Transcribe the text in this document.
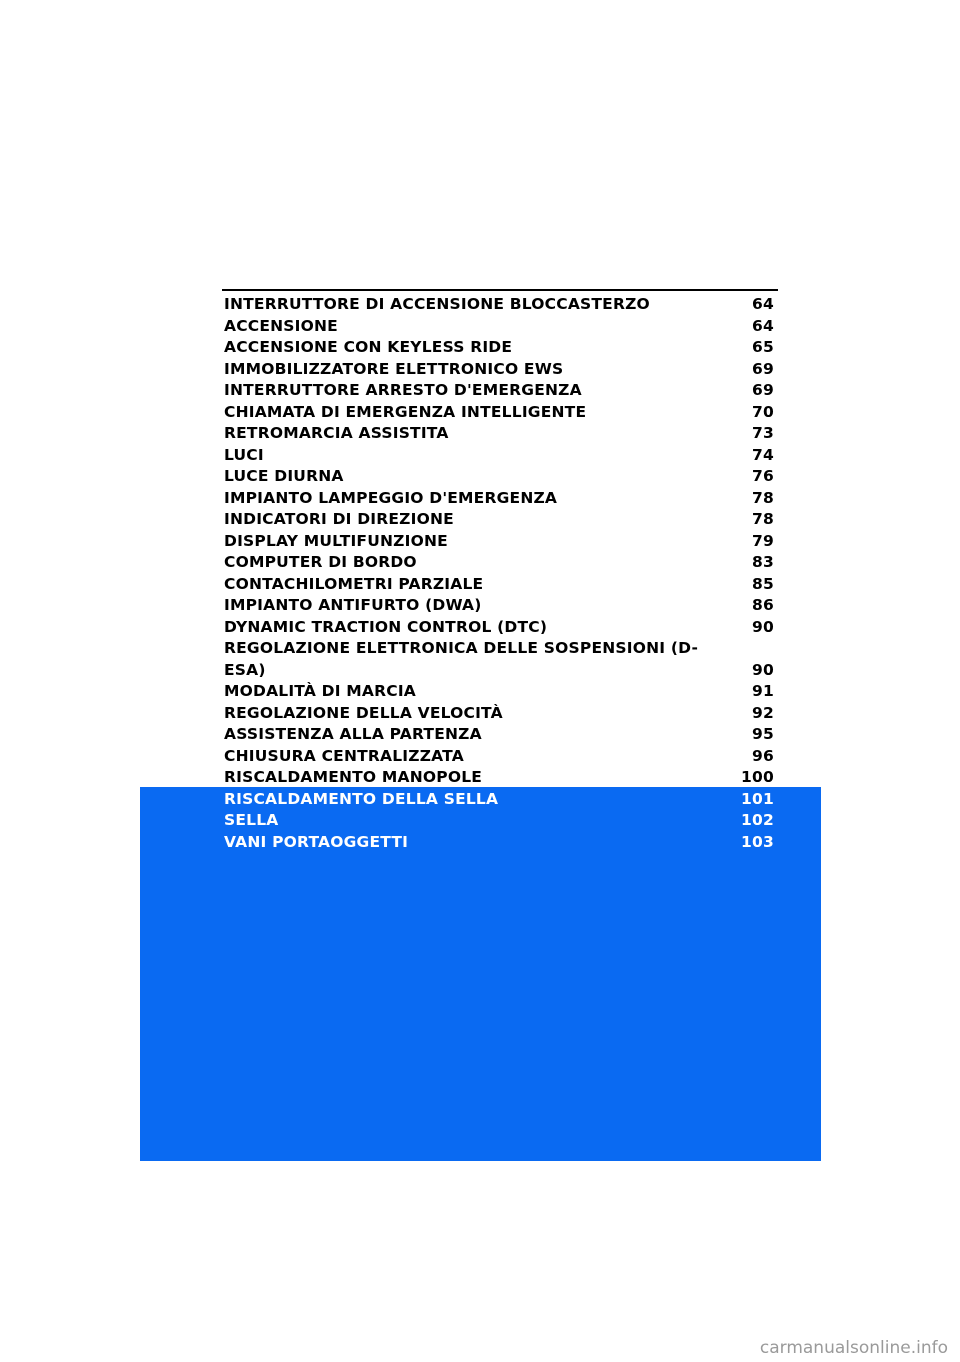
INTERRUTTORE DI ACCENSIONE BLOCCASTERZO	64
ACCENSIONE	64
ACCENSIONE CON KEYLESS RIDE	65
IMMOBILIZZATORE ELETTRONICO EWS	69
INTERRUTTORE ARRESTO D'EMERGENZA	69
CHIAMATA DI EMERGENZA INTELLIGENTE	70
RETROMARCIA ASSISTITA	73
LUCI	74
LUCE DIURNA	76
IMPIANTO LAMPEGGIO D'EMERGENZA	78
INDICATORI DI DIREZIONE	78
DISPLAY MULTIFUNZIONE	79
COMPUTER DI BORDO	83
CONTACHILOMETRI PARZIALE	85
IMPIANTO ANTIFURTO (DWA)	86
DYNAMIC TRACTION CONTROL (DTC)	90
REGOLAZIONE ELETTRONICA DELLE SOSPENSIONI (D-ESA)	90
MODALITÀ DI MARCIA	91
REGOLAZIONE DELLA VELOCITÀ	92
ASSISTENZA ALLA PARTENZA	95
CHIUSURA CENTRALIZZATA	96
RISCALDAMENTO MANOPOLE	100
RISCALDAMENTO DELLA SELLA	101
SELLA	102
VANI PORTAOGGETTI	103
carmanualsonline.info
